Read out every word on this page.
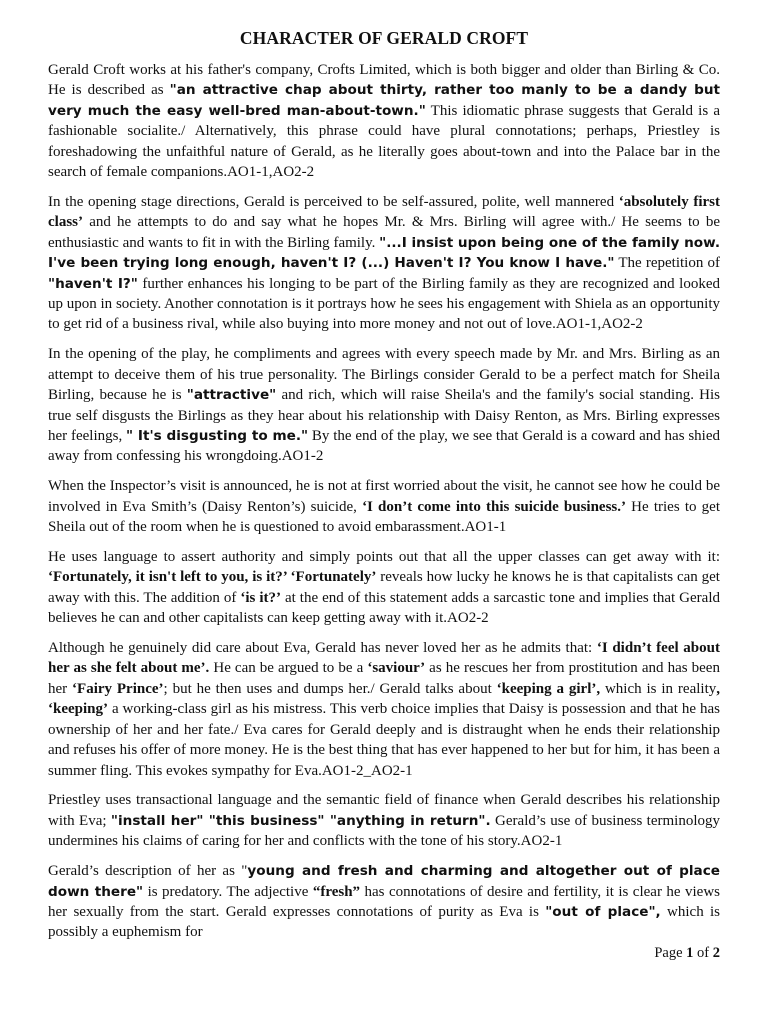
CHARACTER OF GERALD CROFT

Gerald Croft works at his father's company, Crofts Limited, which is both bigger and older than Birling & Co. He is described as "an attractive chap about thirty, rather too manly to be a dandy but very much the easy well-bred man-about-town." This idiomatic phrase suggests that Gerald is a fashionable socialite./ Alternatively, this phrase could have plural connotations; perhaps, Priestley is foreshadowing the unfaithful nature of Gerald, as he literally goes about-town and into the Palace bar in the search of female companions.AO1-1,AO2-2

In the opening stage directions, Gerald is perceived to be self-assured, polite, well mannered ‘absolutely first class’ and he attempts to do and say what he hopes Mr. & Mrs. Birling will agree with./ He seems to be enthusiastic and wants to fit in with the Birling family. "...I insist upon being one of the family now. I've been trying long enough, haven't I? (...) Haven't I? You know I have." The repetition of "haven't I?" further enhances his longing to be part of the Birling family as they are recognized and looked up upon in society. Another connotation is it portrays how he sees his engagement with Shiela as an opportunity to get rid of a business rival, while also buying into more money and not out of love.AO1-1,AO2-2

In the opening of the play, he compliments and agrees with every speech made by Mr. and Mrs. Birling as an attempt to deceive them of his true personality. The Birlings consider Gerald to be a perfect match for Sheila Birling, because he is "attractive" and rich, which will raise Sheila's and the family's social standing. His true self disgusts the Birlings as they hear about his relationship with Daisy Renton, as Mrs. Birling expresses her feelings, " It's disgusting to me." By the end of the play, we see that Gerald is a coward and has shied away from confessing his wrongdoing.AO1-2

When the Inspector’s visit is announced, he is not at first worried about the visit, he cannot see how he could be involved in Eva Smith’s (Daisy Renton’s) suicide, ‘I don’t come into this suicide business.’ He tries to get Sheila out of the room when he is questioned to avoid embarassment.AO1-1

He uses language to assert authority and simply points out that all the upper classes can get away with it: ‘Fortunately, it isn't left to you, is it?’ ‘Fortunately’ reveals how lucky he knows he is that capitalists can get away with this. The addition of ‘is it?’ at the end of this statement adds a sarcastic tone and implies that Gerald believes he can and other capitalists can keep getting away with it.AO2-2

Although he genuinely did care about Eva, Gerald has never loved her as he admits that: ‘I didn’t feel about her as she felt about me’. He can be argued to be a ‘saviour’ as he rescues her from prostitution and has been her ‘Fairy Prince’; but he then uses and dumps her./ Gerald talks about ‘keeping a girl’, which is in reality, ‘keeping’ a working-class girl as his mistress. This verb choice implies that Daisy is possession and that he has ownership of her and her fate./ Eva cares for Gerald deeply and is distraught when he ends their relationship and refuses his offer of more money. He is the best thing that has ever happened to her but for him, it has been a summer fling. This evokes sympathy for Eva.AO1-2_AO2-1

Priestley uses transactional language and the semantic field of finance when Gerald describes his relationship with Eva; "install her" "this business" "anything in return". Gerald’s use of business terminology undermines his claims of caring for her and conflicts with the tone of his story.AO2-1

Gerald’s description of her as "young and fresh and charming and altogether out of place down there" is predatory. The adjective “fresh” has connotations of desire and fertility, it is clear he views her sexually from the start. Gerald expresses connotations of purity as Eva is "out of place", which is possibly a euphemism for

Page 1 of 2
